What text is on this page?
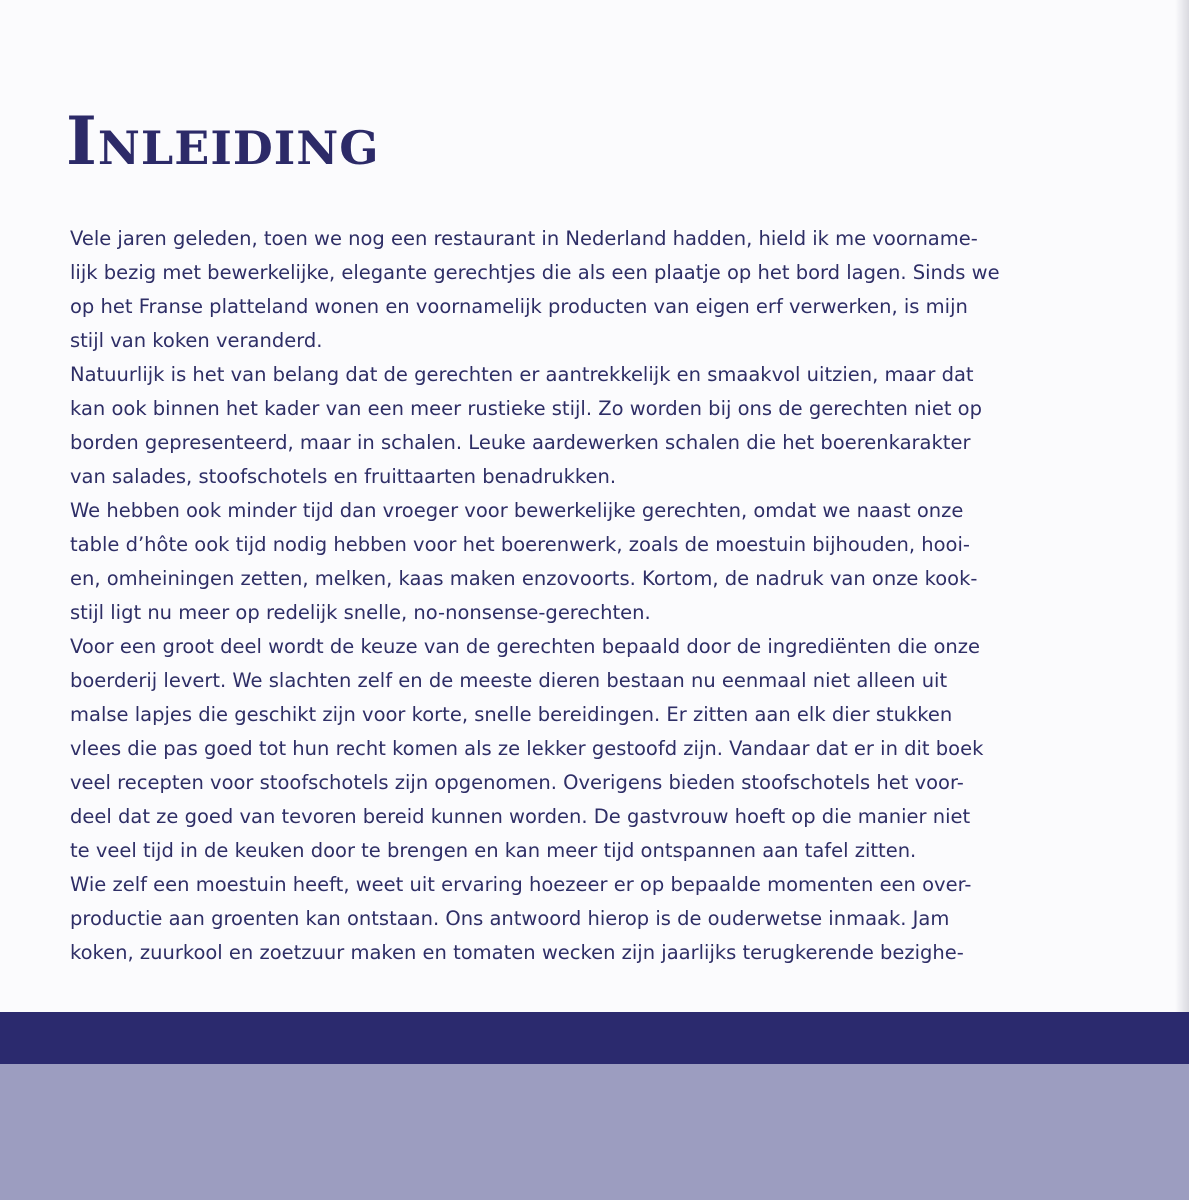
Inleiding
Vele jaren geleden, toen we nog een restaurant in Nederland hadden, hield ik me voorname-
lijk bezig met bewerkelijke, elegante gerechtjes die als een plaatje op het bord lagen. Sinds we
op het Franse platteland wonen en voornamelijk producten van eigen erf verwerken, is mijn
stijl van koken veranderd.
Natuurlijk is het van belang dat de gerechten er aantrekkelijk en smaakvol uitzien, maar dat
kan ook binnen het kader van een meer rustieke stijl. Zo worden bij ons de gerechten niet op
borden gepresenteerd, maar in schalen. Leuke aardewerken schalen die het boerenkarakter
van salades, stoofschotels en fruittaarten benadrukken.
We hebben ook minder tijd dan vroeger voor bewerkelijke gerechten, omdat we naast onze
table d’hôte ook tijd nodig hebben voor het boerenwerk, zoals de moestuin bijhouden, hooi-
en, omheiningen zetten, melken, kaas maken enzovoorts. Kortom, de nadruk van onze kook-
stijl ligt nu meer op redelijk snelle, no-nonsense-gerechten.
Voor een groot deel wordt de keuze van de gerechten bepaald door de ingrediënten die onze
boerderij levert. We slachten zelf en de meeste dieren bestaan nu eenmaal niet alleen uit
malse lapjes die geschikt zijn voor korte, snelle bereidingen. Er zitten aan elk dier stukken
vlees die pas goed tot hun recht komen als ze lekker gestoofd zijn. Vandaar dat er in dit boek
veel recepten voor stoofschotels zijn opgenomen. Overigens bieden stoofschotels het voor-
deel dat ze goed van tevoren bereid kunnen worden. De gastvrouw hoeft op die manier niet
te veel tijd in de keuken door te brengen en kan meer tijd ontspannen aan tafel zitten.
Wie zelf een moestuin heeft, weet uit ervaring hoezeer er op bepaalde momenten een over-
productie aan groenten kan ontstaan. Ons antwoord hierop is de ouderwetse inmaak. Jam
koken, zuurkool en zoetzuur maken en tomaten wecken zijn jaarlijks terugkerende bezighe-
